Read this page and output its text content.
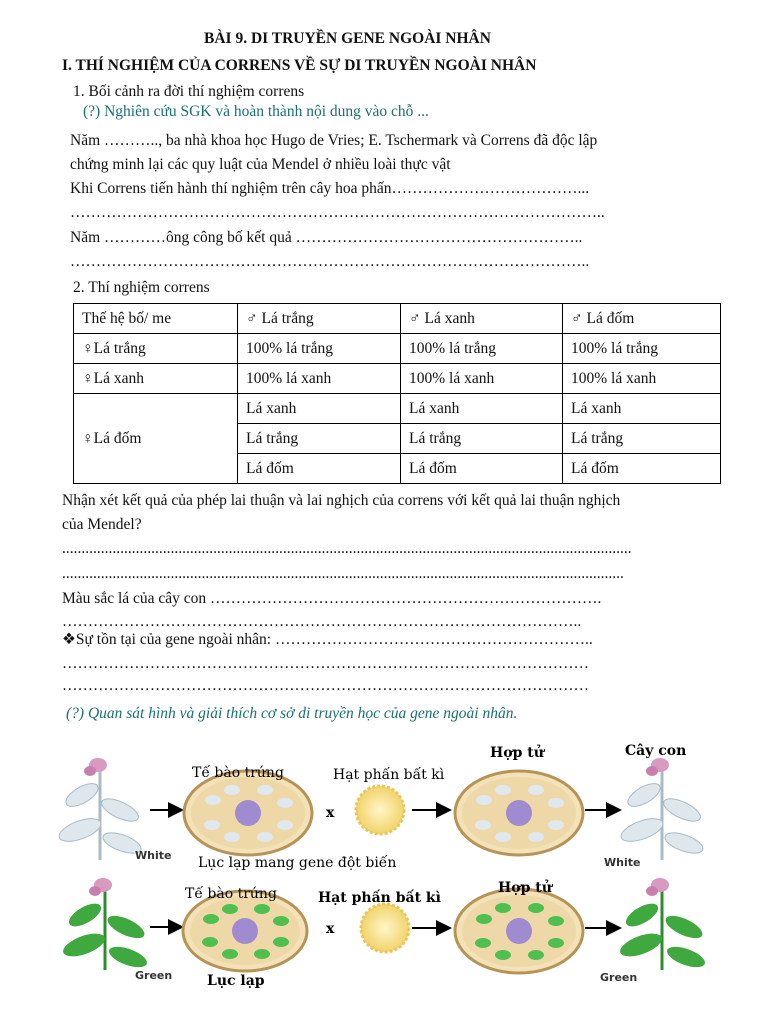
BÀI 9. DI TRUYỀN GENE NGOÀI NHÂN
I. THÍ NGHIỆM CỦA CORRENS VỀ SỰ DI TRUYỀN NGOÀI NHÂN
1. Bối cảnh ra đời thí nghiệm correns
(?) Nghiên cứu SGK và hoàn thành nội dung vào chỗ ...
Năm ……….., ba nhà khoa học Hugo de Vries; E. Tschermark và Correns đã độc lập
chứng minh lại các quy luật của Mendel ở nhiều loài thực vật
Khi Correns tiến hành thí nghiệm trên cây hoa phấn………………………………...
…………………………………………………………………………………………..
Năm …………ông công bố kết quả ………………………………………………..
………………………………………………………………………………………..
2. Thí nghiệm correns
Thế hệ bố/ me	♂ Lá trắng	♂ Lá xanh	♂ Lá đốm
♀Lá trắng	100% lá trắng	100% lá trắng	100% lá trắng
♀Lá xanh	100% lá xanh	100% lá xanh	100% lá xanh
♀Lá đốm	Lá xanh	Lá xanh	Lá xanh
	Lá trắng	Lá trắng	Lá trắng
	Lá đốm	Lá đốm	Lá đốm
Nhận xét kết quả của phép lai thuận và lai nghịch của correns với kết quả lai thuận nghịch
của Mendel?
...................................................................................................................................................
.................................................................................................................................................
Màu sắc lá của cây con ………………………………………………………………….
………………………………………………………………………………………..
❖Sự tồn tại của gene ngoài nhân: ……………………………………………………..
…………………………………………………………………………………………
…………………………………………………………………………………………
(?) Quan sát hình và giải thích cơ sở di truyền học của gene ngoài nhân.
White
Tế bào trứng
x
Hạt phấn bất kì
Hợp tử	Cây con
White
Lục lạp mang gene đột biến
Green
Tế bào trứng
x
Hạt phấn bất kì
Hợp tử
Green
Lục lạp
